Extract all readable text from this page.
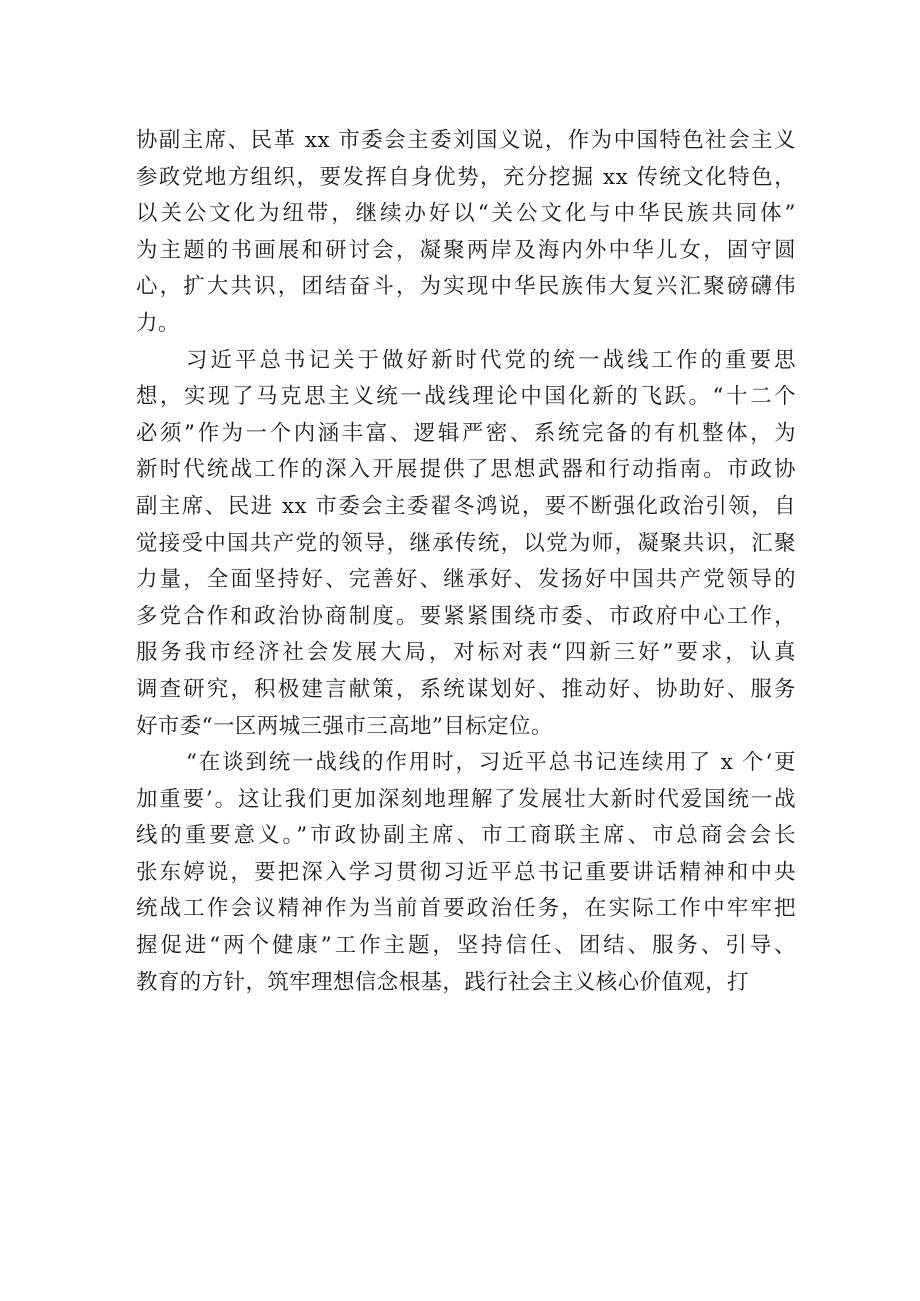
协副主席、民革 xx 市委会主委刘国义说，作为中国特色社会主义
参政党地方组织，要发挥自身优势，充分挖掘 xx 传统文化特色，
以关公文化为纽带，继续办好以“关公文化与中华民族共同体”
为主题的书画展和研讨会，凝聚两岸及海内外中华儿女，固守圆
心，扩大共识，团结奋斗，为实现中华民族伟大复兴汇聚磅礴伟
力。
习近平总书记关于做好新时代党的统一战线工作的重要思
想，实现了马克思主义统一战线理论中国化新的飞跃。“十二个
必须”作为一个内涵丰富、逻辑严密、系统完备的有机整体，为
新时代统战工作的深入开展提供了思想武器和行动指南。市政协
副主席、民进 xx 市委会主委翟冬鸿说，要不断强化政治引领，自
觉接受中国共产党的领导，继承传统，以党为师，凝聚共识，汇聚
力量，全面坚持好、完善好、继承好、发扬好中国共产党领导的
多党合作和政治协商制度。要紧紧围绕市委、市政府中心工作，
服务我市经济社会发展大局，对标对表“四新三好”要求，认真
调查研究，积极建言献策，系统谋划好、推动好、协助好、服务
好市委“一区两城三强市三高地”目标定位。
“在谈到统一战线的作用时，习近平总书记连续用了 x 个‘更
加重要’。这让我们更加深刻地理解了发展壮大新时代爱国统一战
线的重要意义。”市政协副主席、市工商联主席、市总商会会长
张东婷说，要把深入学习贯彻习近平总书记重要讲话精神和中央
统战工作会议精神作为当前首要政治任务，在实际工作中牢牢把
握促进“两个健康”工作主题，坚持信任、团结、服务、引导、
教育的方针，筑牢理想信念根基，践行社会主义核心价值观，打
